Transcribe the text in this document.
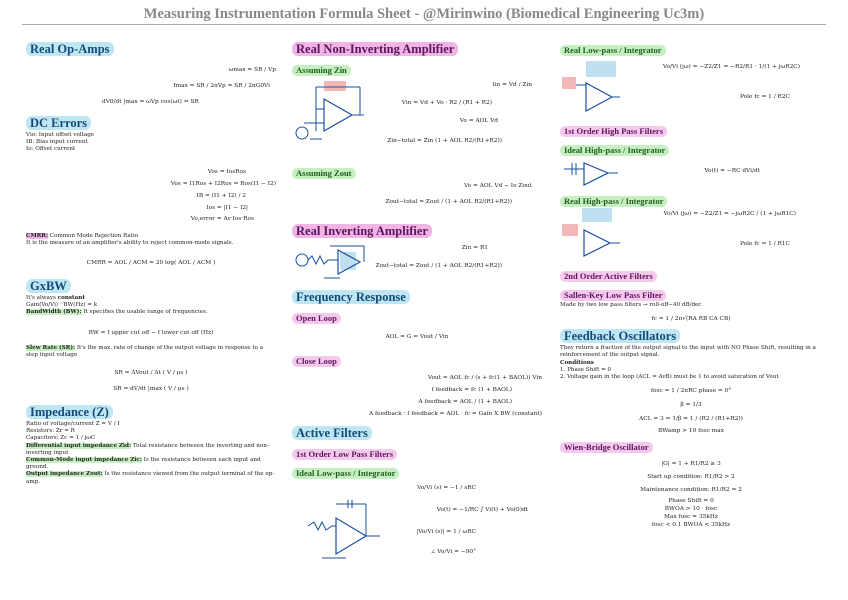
Measuring Instrumentation Formula Sheet - @Mirinwino (Biomedical Engineering Uc3m)
Real Op-Amps
ωmax = SR / Vp
fmax = SR / 2πVp = SR / 2πG0Vi
dV0/dt |max = ωVp cos(ωt) = SR
DC Errors
Vio: Input offset voltage
IB: Bias input current
Io: Offset current
Vos = IosRos
Vos = I1Ros + I2Ros = Ros(I1 − I2)
IB = (I1 + I2) / 2
Ios = |I1 − I2|
Vo,error = Av·Ios·Ros
CMRR: Common Mode Rejection Ratio
It is the measure of an amplifier's ability to reject common-mode signals.
CMRR = AOL / ACM = 20 log( AOL / ACM )
GxBW
It's always constant
Gain(Vo/Vi) · BW(Hz) = k
BandWidth (BW): It specifies the usable range of frequencies.
BW = f upper cut off − f lower cut off (Hz)
Slew Rate (SR): It's the max. rate of change of the output voltage in response to a step input voltage
SR = ΔVout / Δt ( V / μs )
SR = dV/dt |max ( V / μs )
Impedance (Z)
Ratio of voltage/current Z = V / I
Resistors: Zr = R
Capacitors: Zc = 1 / jωC
Differential input impedance Zid: Total resistance between the inverting and non-inverting input
Common-Mode input impedance Zic: Is the resistance between each input and ground.
Output impedance Zout: Is the resistance viewed from the output terminal of the op-amp.
Real Non-Inverting Amplifier
Assuming Zin
Iin = Vd / Zin
Vin = Vd + Vo · R2 / (R1 + R2)
Vo = AOL Vd
Zin−total = Zin (1 + AOL R2/(R1+R2))
Assuming Zout
Vo = AOL Vd − Io Zout
Zout−total = Zout / (1 + AOL R2/(R1+R2))
Real Inverting Amplifier
Zin = R1
Zout−total = Zout / (1 + AOL R2/(R1+R2))
Frequency Response
Open Loop
AOL = G = Vout / Vin
Close Loop
Vout = AOL fc / (s + fc(1 + BAOL)) Vin
f feedback = fc (1 + BAOL)
A feedback = AOL / (1 + BAOL)
A feedback · f feedback = AOL · fc = Gain X BW (constant)
Active Filters
1st Order Low Pass Filters
Ideal Low-pass / Integrator
Vo/Vi (s) = −1 / sRC
Vo(t) = −1/RC ∫ Vi(t) + Vo(0)dt
|Vo/Vi (s)| = 1 / ωRC
∠ Vo/Vi = −90°
Real Low-pass / Integrator
Vo/Vi (jω) = −Z2/Z1 = −R2/R1 · 1/(1 + jωR2C)
Pole fc = 1 / R2C
1st Order High Pass Filters
Ideal High-pass / Integrator
Vo(t) = −RC dVi/dt
Real High-pass / Integrator
Vo/Vi (jω) = −Z2/Z1 = −jωR2C / (1 + jωR1C)
Pole fc = 1 / R1C
2nd Order Active Filters
Sallen-Key Low Pass Filter
Made by two low pass filters → roll-off−40 dB/dec
fc = 1 / 2π√(RA RB CA CB)
Feedback Oscillators
They return a fraction of the output signal to the input with NO Phase Shift, resulting in a reinforcement of the output signal.
Conditions
1. Phase Shift = 0
2. Voltage gain in the loop (ACL = AvB) must be 1 to avoid saturation of Vout
fosc = 1 / 2πRC phase = 0°
β = 1/3
ACL = 3 = 1/β = 1 / (R2 / (R1+R2))
BWamp > 10 fosc max
Wien-Bridge Oscillator
|G| = 1 + R1/R2 ≥ 3
Start up condition: R1/R2 > 2
Maintenance condition: R1/R2 = 2
Phase Shift = 0
BWOA > 10 · fosc
Max fosc = 35kHz
fosc < 0.1 BWOA < 35kHz
